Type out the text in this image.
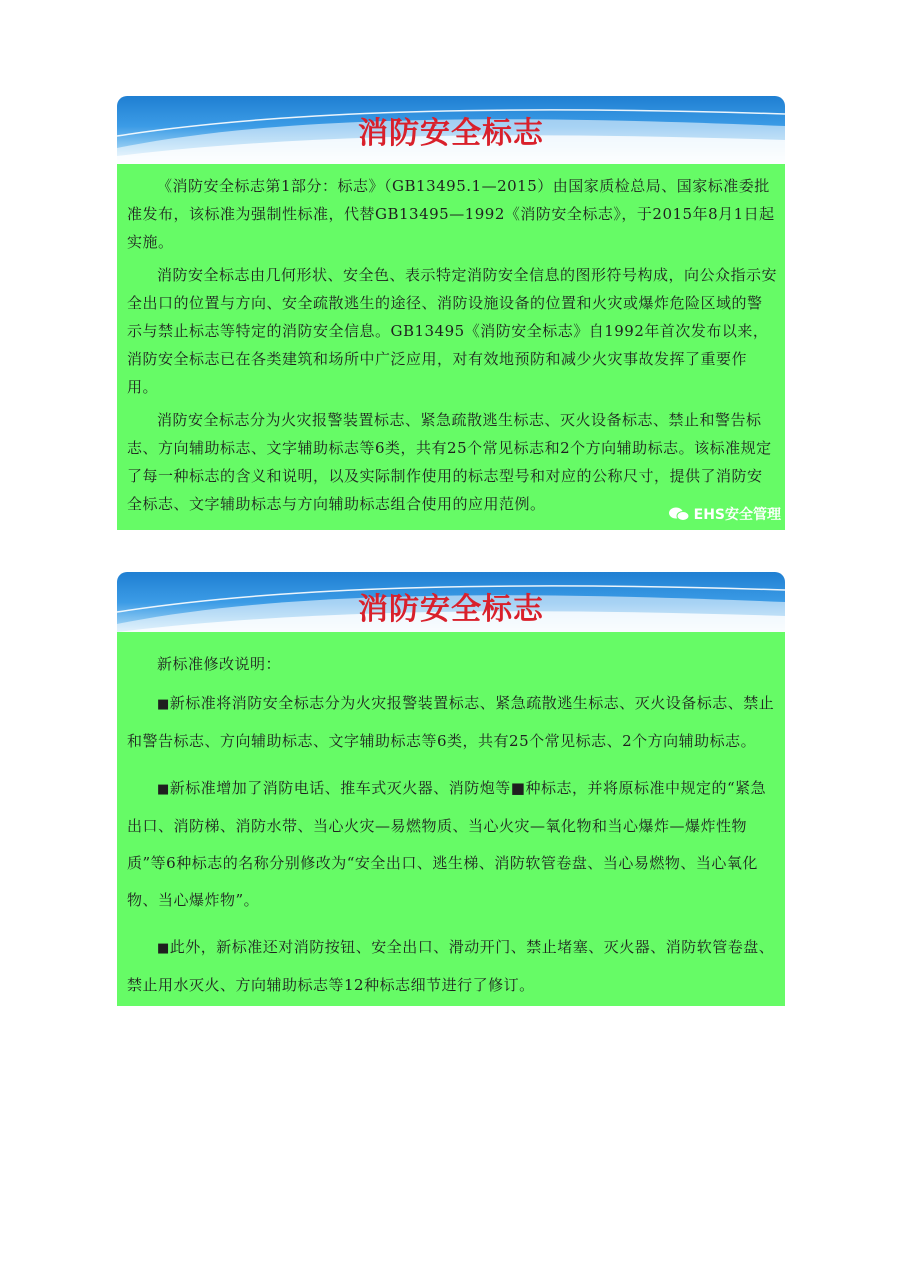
消防安全标志

《消防安全标志第1部分：标志》（GB13495.1—2015）由国家质检总局、国家标准委批准发布，该标准为强制性标准，代替GB13495—1992《消防安全标志》，于2015年8月1日起实施。

消防安全标志由几何形状、安全色、表示特定消防安全信息的图形符号构成，向公众指示安全出口的位置与方向、安全疏散逃生的途径、消防设施设备的位置和火灾或爆炸危险区域的警示与禁止标志等特定的消防安全信息。GB13495《消防安全标志》自1992年首次发布以来，消防安全标志已在各类建筑和场所中广泛应用，对有效地预防和减少火灾事故发挥了重要作用。

消防安全标志分为火灾报警装置标志、紧急疏散逃生标志、灭火设备标志、禁止和警告标志、方向辅助标志、文字辅助标志等6类，共有25个常见标志和2个方向辅助标志。该标准规定了每一种标志的含义和说明，以及实际制作使用的标志型号和对应的公称尺寸，提供了消防安全标志、文字辅助标志与方向辅助标志组合使用的应用范例。

EHS安全管理
消防安全标志

新标准修改说明：

■新标准将消防安全标志分为火灾报警装置标志、紧急疏散逃生标志、灭火设备标志、禁止和警告标志、方向辅助标志、文字辅助标志等6类，共有25个常见标志、2个方向辅助标志。

■新标准增加了消防电话、推车式灭火器、消防炮等■种标志，并将原标准中规定的“紧急出口、消防梯、消防水带、当心火灾—易燃物质、当心火灾—氧化物和当心爆炸—爆炸性物质”等6种标志的名称分别修改为“安全出口、逃生梯、消防软管卷盘、当心易燃物、当心氧化物、当心爆炸物”。

■此外，新标准还对消防按钮、安全出口、滑动开门、禁止堵塞、灭火器、消防软管卷盘、禁止用水灭火、方向辅助标志等12种标志细节进行了修订。
